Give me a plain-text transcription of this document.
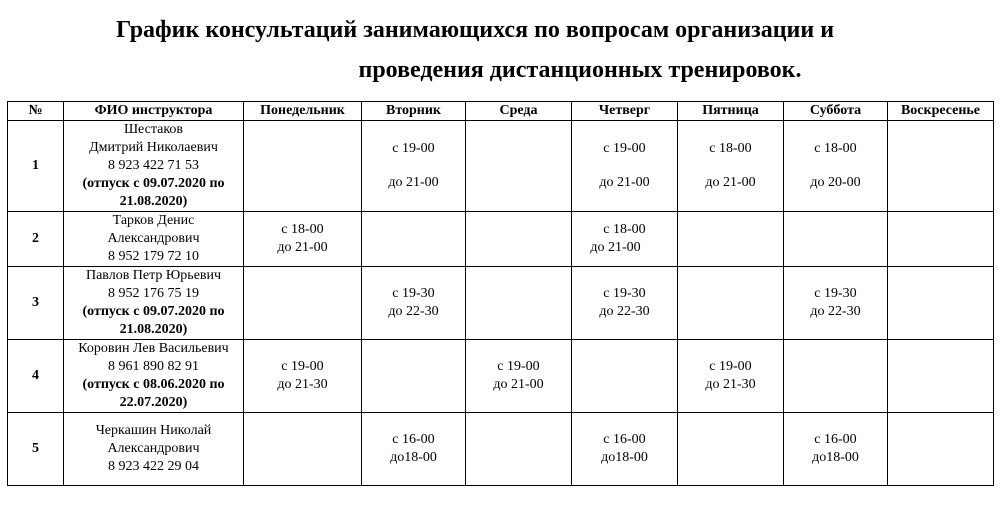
График консультаций занимающихся по вопросам организации и
проведения дистанционных тренировок.
№	ФИО инструктора	Понедельник	Вторник	Среда	Четверг	Пятница	Суббота	Воскресенье
1	Шестаков
Дмитрий Николаевич
8 923 422 71 53
(отпуск с 09.07.2020 по
21.08.2020)		с 19-00
до 21-00		с 19-00
до 21-00	с 18-00
до 21-00	с 18-00
до 20-00	

2	Тарков Денис
Александрович
8 952 179 72 10	с 18-00
до 21-00			с 18-00
до 21-00			

3	Павлов Петр Юрьевич
8 952 176 75 19
(отпуск с 09.07.2020 по
21.08.2020)		с 19-30
до 22-30		с 19-30
до 22-30		с 19-30
до 22-30	

4	Коровин Лев Васильевич
8 961 890 82 91
(отпуск с 08.06.2020 по
22.07.2020)	с 19-00
до 21-30		с 19-00
до 21-00		с 19-00
до 21-30		

5	Черкашин Николай
Александрович
8 923 422 29 04		с 16-00
до18-00		с 16-00
до18-00		с 16-00
до18-00	
